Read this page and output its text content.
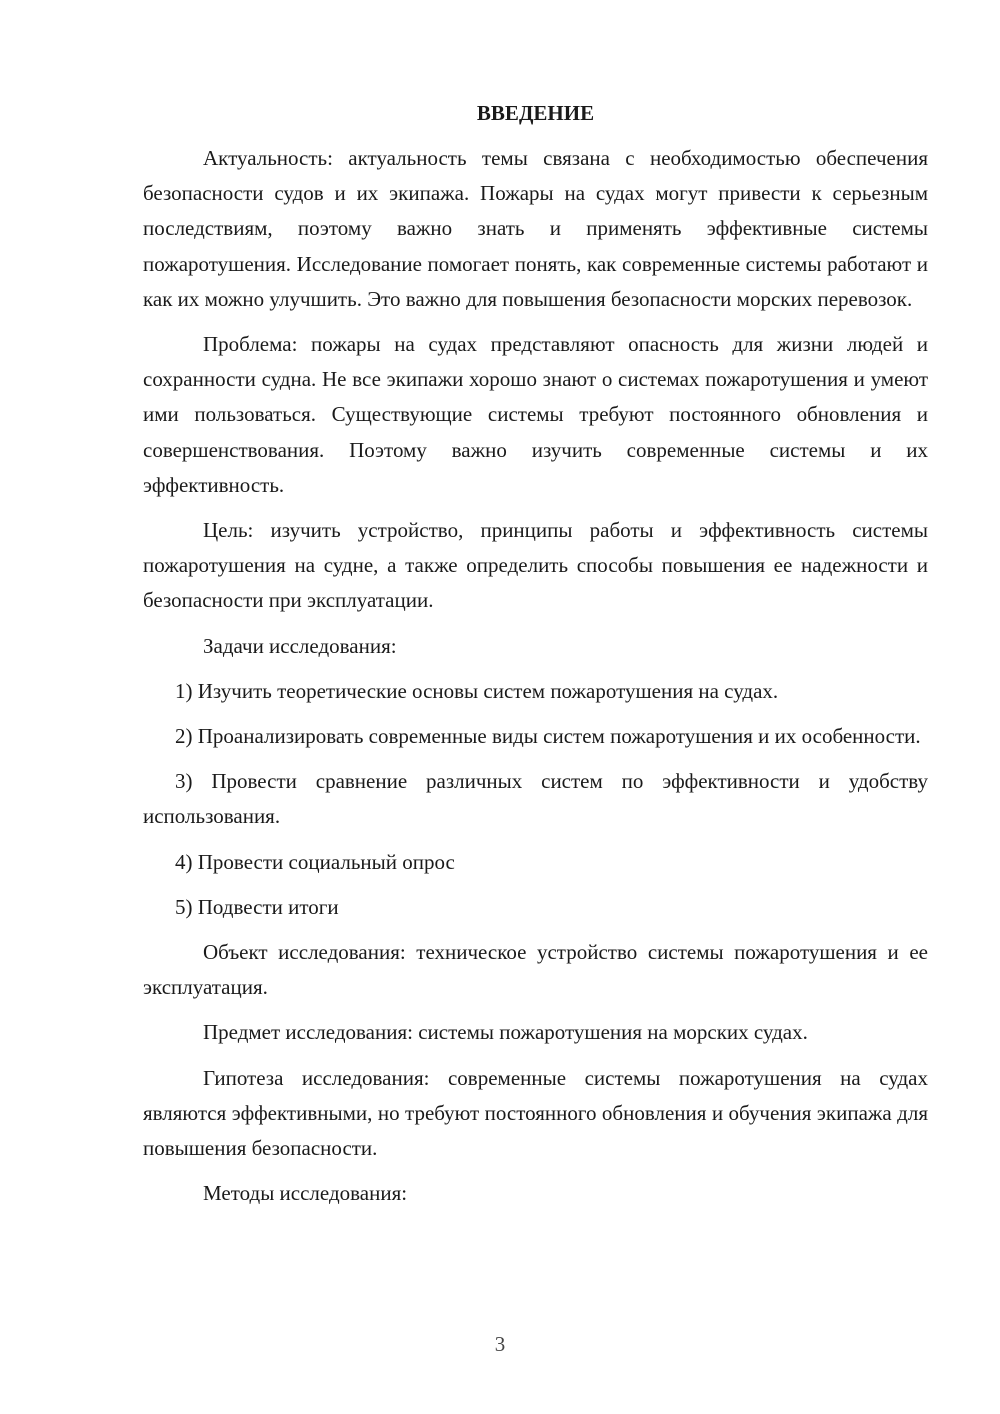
ВВЕДЕНИЕ

Актуальность: актуальность темы связана с необходимостью обеспечения безопасности судов и их экипажа. Пожары на судах могут привести к серьезным последствиям, поэтому важно знать и применять эффективные системы пожаротушения. Исследование помогает понять, как современные системы работают и как их можно улучшить. Это важно для повышения безопасности морских перевозок.

Проблема: пожары на судах представляют опасность для жизни людей и сохранности судна. Не все экипажи хорошо знают о системах пожаротушения и умеют ими пользоваться. Существующие системы требуют постоянного обновления и совершенствования. Поэтому важно изучить современные системы и их эффективность.

Цель: изучить устройство, принципы работы и эффективность системы пожаротушения на судне, а также определить способы повышения ее надежности и безопасности при эксплуатации.

Задачи исследования:

1) Изучить теоретические основы систем пожаротушения на судах.

2) Проанализировать современные виды систем пожаротушения и их особенности.

3) Провести сравнение различных систем по эффективности и удобству использования.

4) Провести социальный опрос

5) Подвести итоги

Объект исследования: техническое устройство системы пожаротушения и ее эксплуатация.

Предмет исследования: системы пожаротушения на морских судах.

Гипотеза исследования: современные системы пожаротушения на судах являются эффективными, но требуют постоянного обновления и обучения экипажа для повышения безопасности.

Методы исследования:

3
